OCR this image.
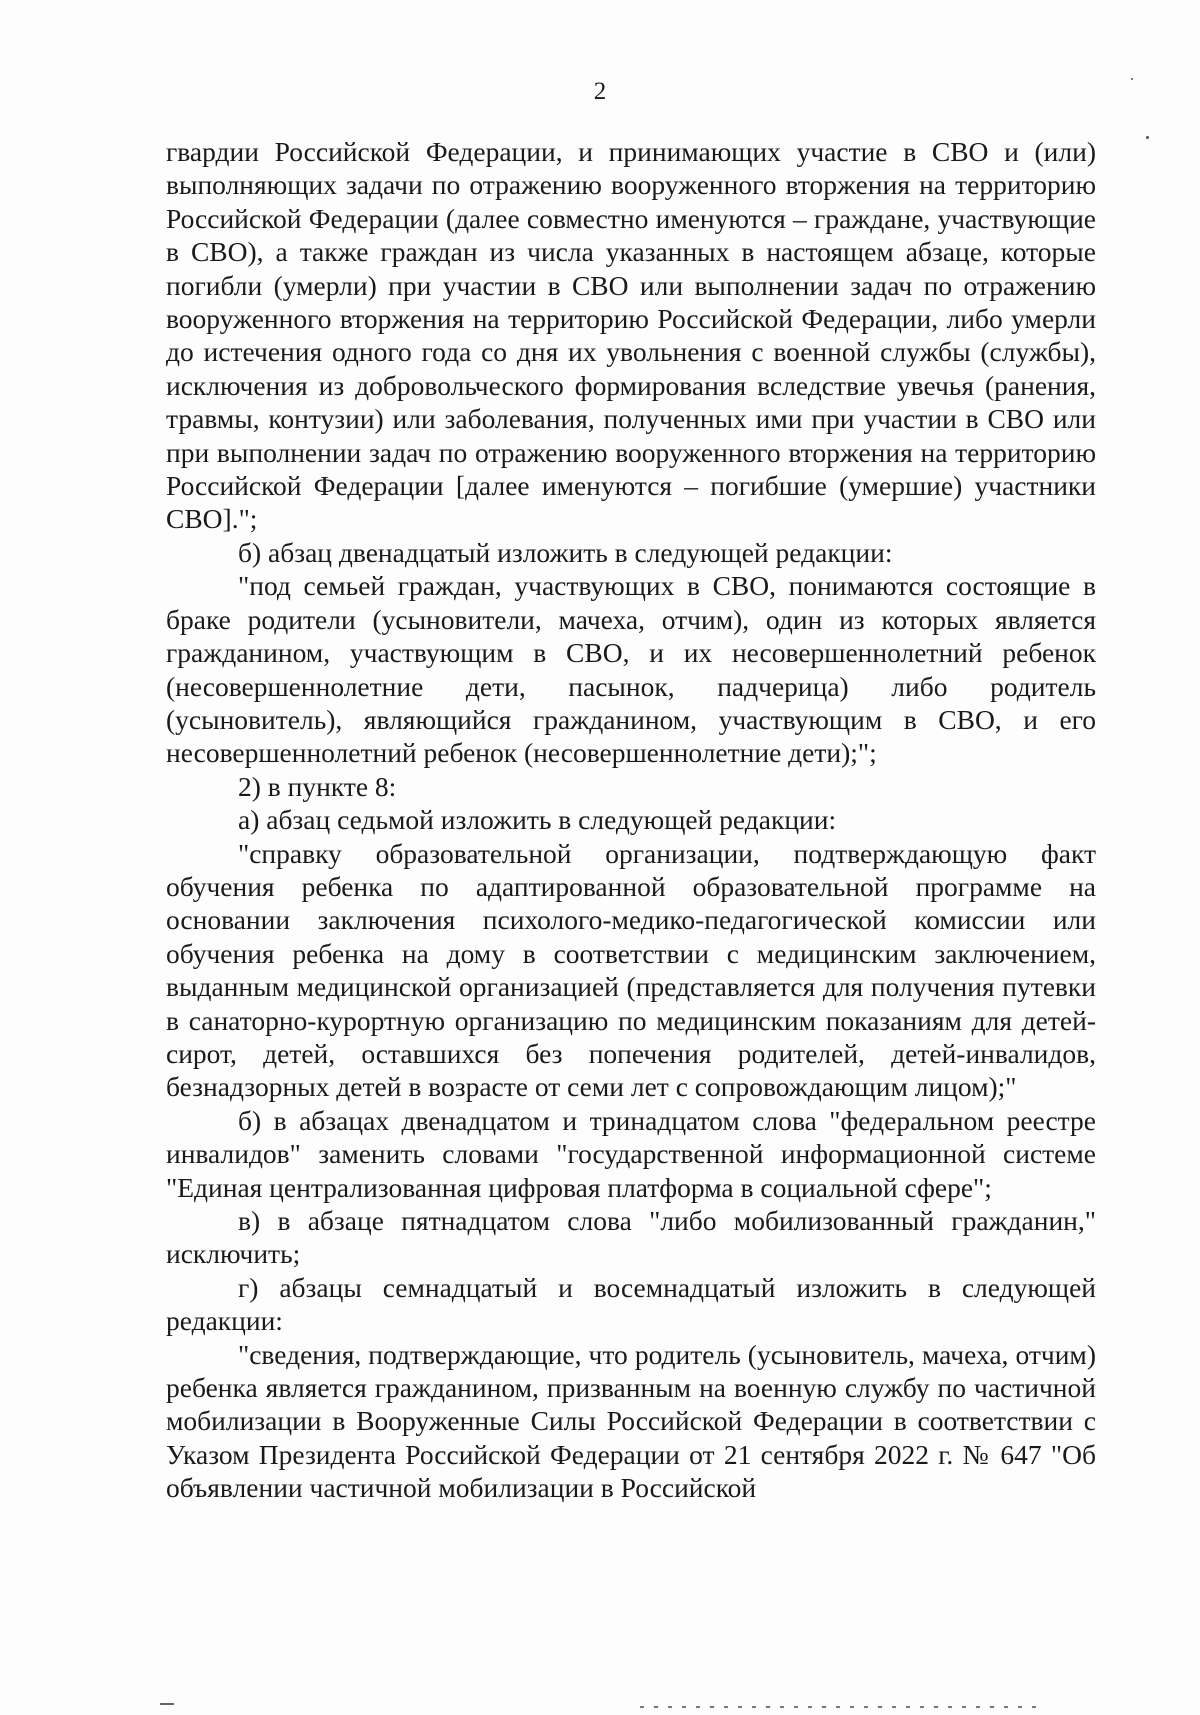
2

гвардии Российской Федерации, и принимающих участие в СВО и (или) выполняющих задачи по отражению вооруженного вторжения на территорию Российской Федерации (далее совместно именуются – граждане, участвующие в СВО), а также граждан из числа указанных в настоящем абзаце, которые погибли (умерли) при участии в СВО или выполнении задач по отражению вооруженного вторжения на территорию Российской Федерации, либо умерли до истечения одного года со дня их увольнения с военной службы (службы), исключения из добровольческого формирования вследствие увечья (ранения, травмы, контузии) или заболевания, полученных ими при участии в СВО или при выполнении задач по отражению вооруженного вторжения на территорию Российской Федерации [далее именуются – погибшие (умершие) участники СВО].";

б) абзац двенадцатый изложить в следующей редакции:

"под семьей граждан, участвующих в СВО, понимаются состоящие в браке родители (усыновители, мачеха, отчим), один из которых является гражданином, участвующим в СВО, и их несовершеннолетний ребенок (несовершеннолетние дети, пасынок, падчерица) либо родитель (усыновитель), являющийся гражданином, участвующим в СВО, и его несовершеннолетний ребенок (несовершеннолетние дети);";

2) в пункте 8:

а) абзац седьмой изложить в следующей редакции:

"справку образовательной организации, подтверждающую факт обучения ребенка по адаптированной образовательной программе на основании заключения психолого-медико-педагогической комиссии или обучения ребенка на дому в соответствии с медицинским заключением, выданным медицинской организацией (представляется для получения путевки в санаторно-курортную организацию по медицинским показаниям для детей-сирот, детей, оставшихся без попечения родителей, детей-инвалидов, безнадзорных детей в возрасте от семи лет с сопровождающим лицом);"

б) в абзацах двенадцатом и тринадцатом слова "федеральном реестре инвалидов" заменить словами "государственной информационной системе "Единая централизованная цифровая платформа в социальной сфере";

в) в абзаце пятнадцатом слова "либо мобилизованный гражданин," исключить;

г) абзацы семнадцатый и восемнадцатый изложить в следующей редакции:

"сведения, подтверждающие, что родитель (усыновитель, мачеха, отчим) ребенка является гражданином, призванным на военную службу по частичной мобилизации в Вооруженные Силы Российской Федерации в соответствии с Указом Президента Российской Федерации от 21 сентября 2022 г. № 647 "Об объявлении частичной мобилизации в Российской
